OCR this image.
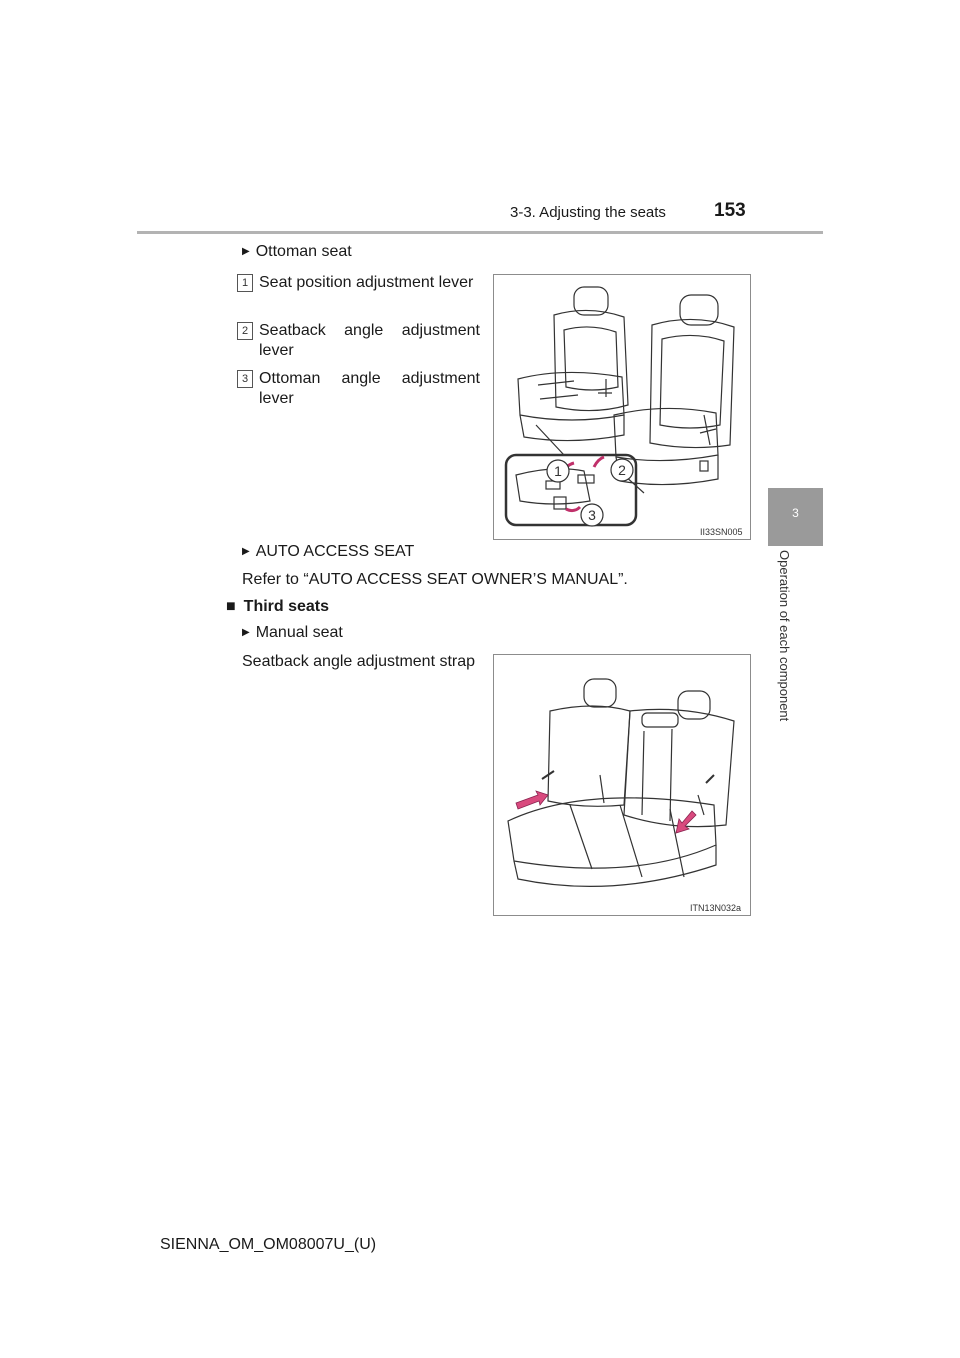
3-3. Adjusting the seats	153
3
Operation of each component
▶ Ottoman seat
1 Seat position adjustment lever
2 Seatback angle adjustment lever
3 Ottoman angle adjustment lever
1	2
3
II33SN005
▶ AUTO ACCESS SEAT
Refer to “AUTO ACCESS SEAT OWNER’S MANUAL”.
■ Third seats
▶ Manual seat
Seatback angle adjustment strap
ITN13N032a
SIENNA_OM_OM08007U_(U)
